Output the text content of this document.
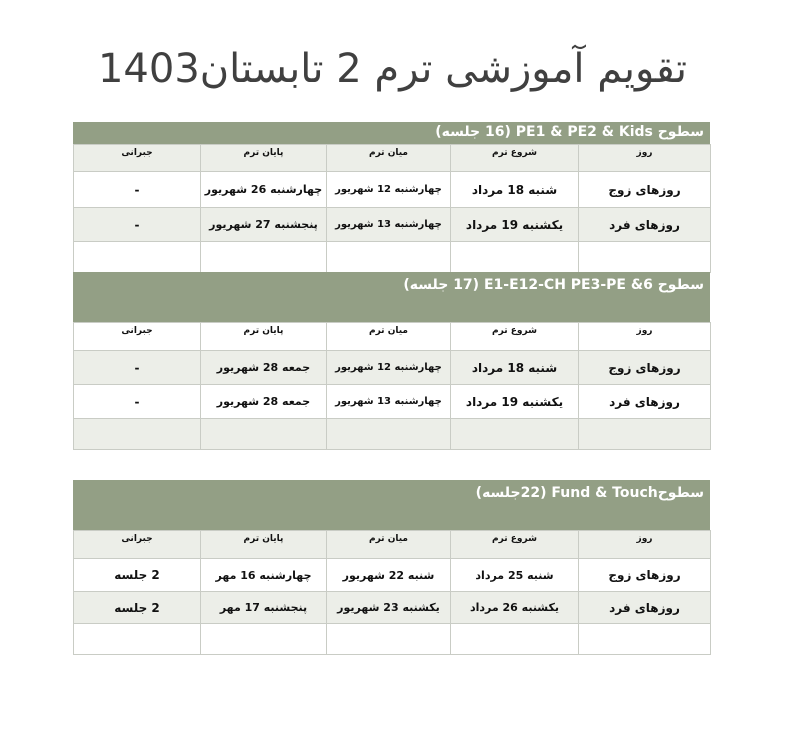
تقویم آموزشی ترم 2 تابستان1403
سطوح PE1 & PE2 & Kids (16 جلسه)
روز	شروع ترم	میان ترم	پایان ترم	جبرانی
روزهای زوج	شنبه 18 مرداد	چهارشنبه 12 شهریور	چهارشنبه 26 شهریور	-
روزهای فرد	یکشنبه 19 مرداد	چهارشنبه 13 شهریور	پنجشنبه 27 شهریور	-

سطوح 6& E1-E12-CH PE3-PE (17 جلسه)
روز	شروع ترم	میان ترم	پایان ترم	جبرانی
روزهای زوج	شنبه 18 مرداد	چهارشنبه 12 شهریور	جمعه 28 شهریور	-
روزهای فرد	یکشنبه 19 مرداد	چهارشنبه 13 شهریور	جمعه 28 شهریور	-

سطوحFund & Touch (22جلسه)
روز	شروع ترم	میان ترم	پایان ترم	جبرانی
روزهای زوج	شنبه 25 مرداد	شنبه 22 شهریور	چهارشنبه 16 مهر	2 جلسه
روزهای فرد	یکشنبه 26 مرداد	یکشنبه 23 شهریور	پنجشنبه 17 مهر	2 جلسه
